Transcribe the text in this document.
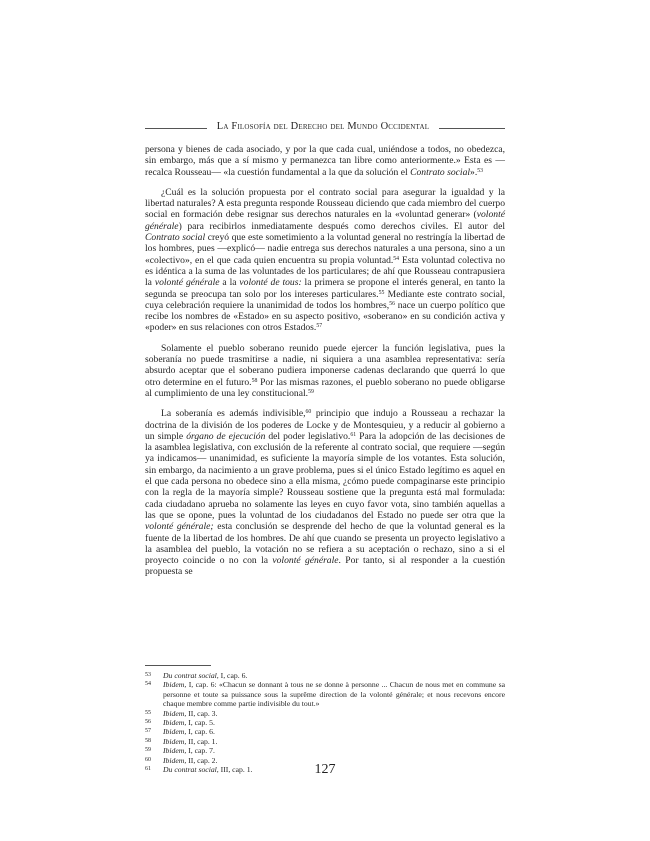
La Filosofía del Derecho del Mundo Occidental

persona y bienes de cada asociado, y por la que cada cual, uniéndose a todos, no obedezca, sin embargo, más que a sí mismo y permanezca tan libre como anteriormente.» Esta es —recalca Rousseau— «la cuestión fundamental a la que da solución el Contrato social».$^{53}$

¿Cuál es la solución propuesta por el contrato social para asegurar la igualdad y la libertad naturales? A esta pregunta responde Rousseau diciendo que cada miembro del cuerpo social en formación debe resignar sus derechos naturales en la «voluntad generar» (volonté générale) para recibirlos inmediatamente después como derechos civiles. El autor del Contrato social creyó que este sometimiento a la voluntad general no restringía la libertad de los hombres, pues —explicó— nadie entrega sus derechos naturales a una persona, sino a un «colectivo», en el que cada quien encuentra su propia voluntad.$^{54}$ Esta voluntad colectiva no es idéntica a la suma de las voluntades de los particulares; de ahí que Rousseau contrapusiera la volonté générale a la volonté de tous: la primera se propone el interés general, en tanto la segunda se preocupa tan solo por los intereses particulares.$^{55}$ Mediante este contrato social, cuya celebración requiere la unanimidad de todos los hombres,$^{56}$ nace un cuerpo político que recibe los nombres de «Estado» en su aspecto positivo, «soberano» en su condición activa y «poder» en sus relaciones con otros Estados.$^{57}$

Solamente el pueblo soberano reunido puede ejercer la función legislativa, pues la soberanía no puede trasmitirse a nadie, ni siquiera a una asamblea representativa: sería absurdo aceptar que el soberano pudiera imponerse cadenas declarando que querrá lo que otro determine en el futuro.$^{58}$ Por las mismas razones, el pueblo soberano no puede obligarse al cumplimiento de una ley constitucional.$^{59}$

La soberanía es además indivisible,$^{60}$ principio que indujo a Rousseau a rechazar la doctrina de la división de los poderes de Locke y de Montesquieu, y a reducir al gobierno a un simple órgano de ejecución del poder legislativo.$^{61}$ Para la adopción de las decisiones de la asamblea legislativa, con exclusión de la referente al contrato social, que requiere —según ya indicamos— unanimidad, es suficiente la mayoría simple de los votantes. Esta solución, sin embargo, da nacimiento a un grave problema, pues si el único Estado legítimo es aquel en el que cada persona no obedece sino a ella misma, ¿cómo puede compaginarse este principio con la regla de la mayoría simple? Rousseau sostiene que la pregunta está mal formulada: cada ciudadano aprueba no solamente las leyes en cuyo favor vota, sino también aquellas a las que se opone, pues la voluntad de los ciudadanos del Estado no puede ser otra que la volonté générale; esta conclusión se desprende del hecho de que la voluntad general es la fuente de la libertad de los hombres. De ahí que cuando se presenta un proyecto legislativo a la asamblea del pueblo, la votación no se refiera a su aceptación o rechazo, sino a si el proyecto coincide o no con la volonté générale. Por tanto, si al responder a la cuestión propuesta se

53 Du contrat social, I, cap. 6.
54 Ibidem, I, cap. 6: «Chacun se donnant à tous ne se donne à personne ... Chacun de nous met en commune sa personne et toute sa puissance sous la suprême direction de la volonté générale; et nous recevons encore chaque membre comme partie indivisible du tout.»
55 Ibidem, II, cap. 3.
56 Ibidem, I, cap. 5.
57 Ibidem, I, cap. 6.
58 Ibidem, II, cap. 1.
59 Ibidem, I, cap. 7.
60 Ibidem, II, cap. 2.
61 Du contrat social, III, cap. 1.	127
